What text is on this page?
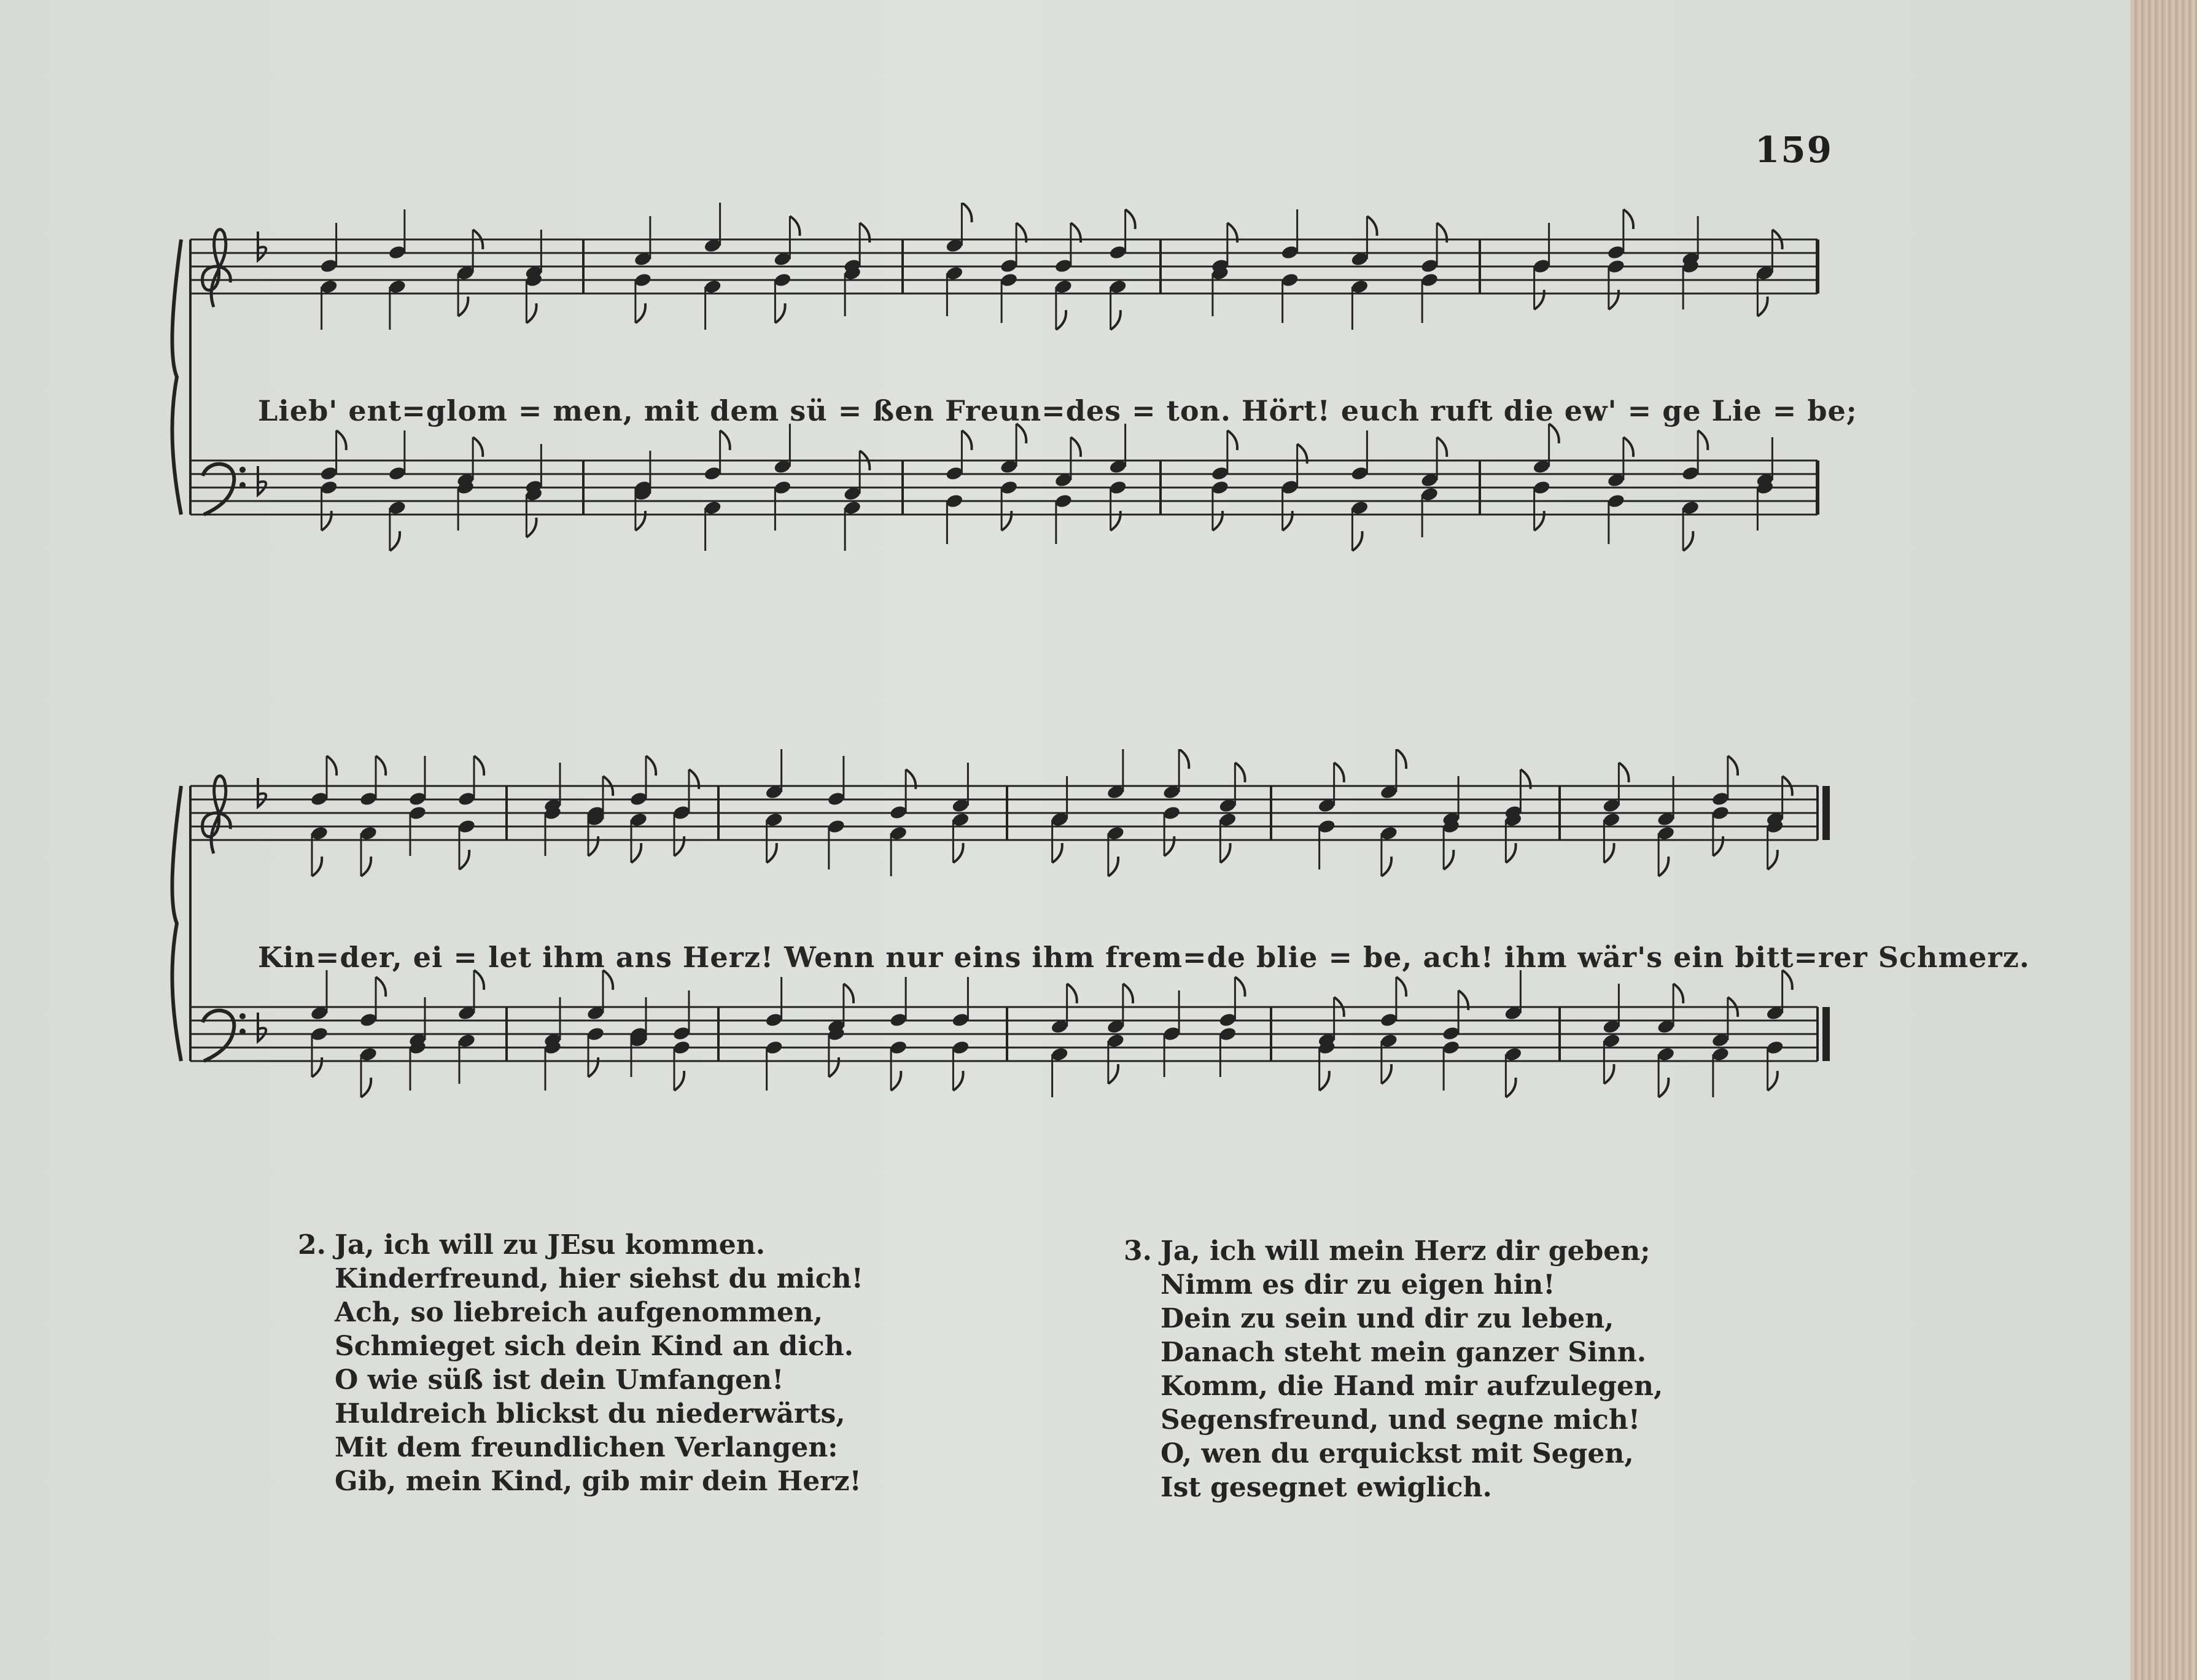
159
Lieb' ent=glom = men, mit dem sü = ßen Freun=des = ton. Hört! euch ruft die ew' = ge Lie = be;
Kin=der, ei = let ihm ans Herz! Wenn nur eins ihm frem=de blie = be, ach! ihm wär's ein bitt=rer Schmerz.
2. Ja, ich will zu JEsu kommen.
Kinderfreund, hier siehst du mich!
Ach, so liebreich aufgenommen,
Schmieget sich dein Kind an dich.
O wie süß ist dein Umfangen!
Huldreich blickst du niederwärts,
Mit dem freundlichen Verlangen:
Gib, mein Kind, gib mir dein Herz!
3. Ja, ich will mein Herz dir geben;
Nimm es dir zu eigen hin!
Dein zu sein und dir zu leben,
Danach steht mein ganzer Sinn.
Komm, die Hand mir aufzulegen,
Segensfreund, und segne mich!
O, wen du erquickst mit Segen,
Ist gesegnet ewiglich.
